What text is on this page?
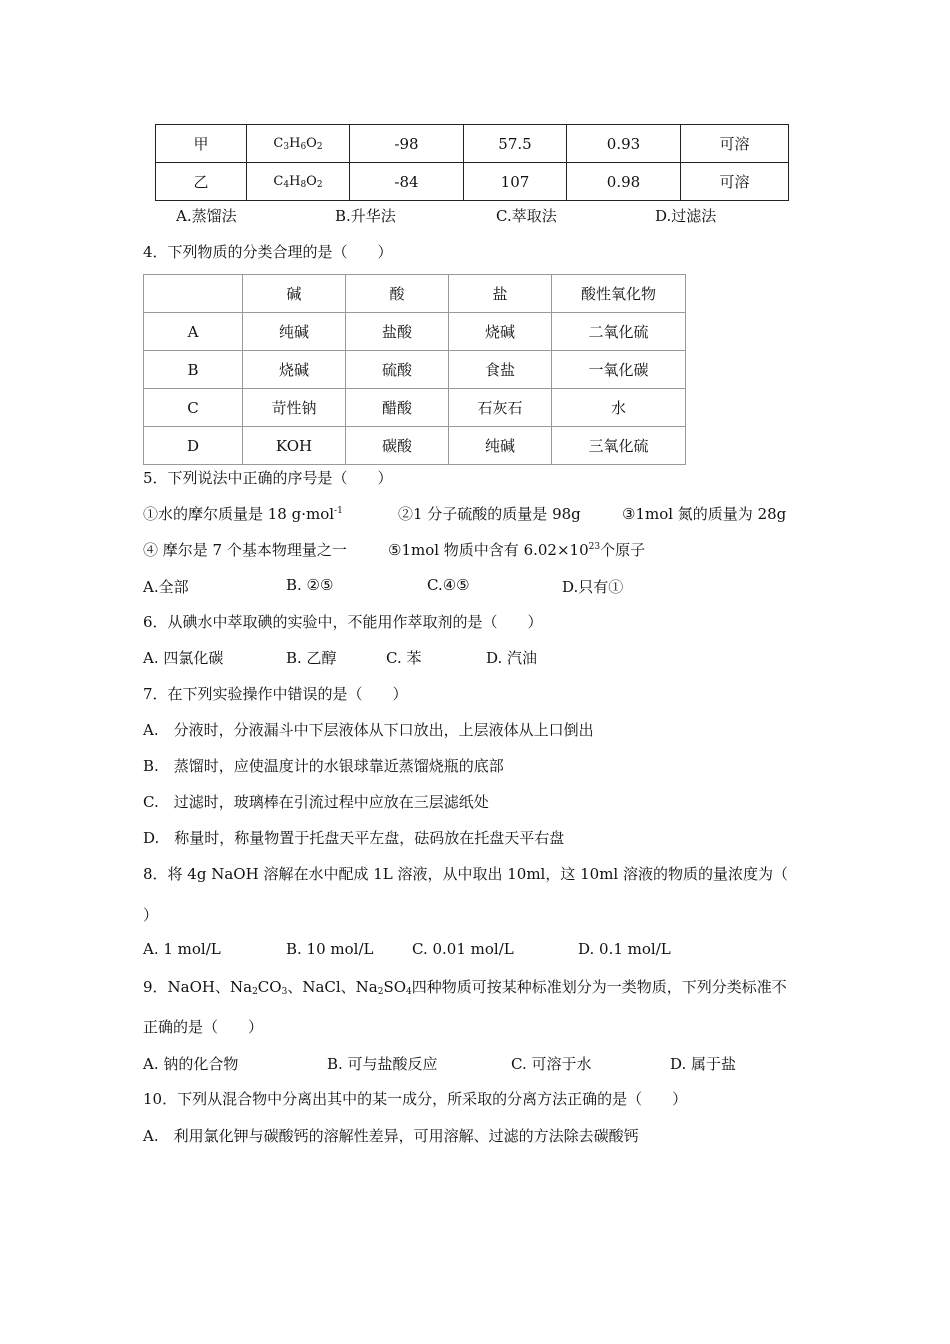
甲	$C_3H_6O_2$	-98	57.5	0.93	可溶
乙	$C_4H_8O_2$	-84	107	0.98	可溶
A.蒸馏法	B.升华法	C.萃取法	D.过滤法
4．下列物质的分类合理的是（　　）
	碱	酸	盐	酸性氧化物
A	纯碱	盐酸	烧碱	二氧化硫
B	烧碱	硫酸	食盐	一氧化碳
C	苛性钠	醋酸	石灰石	水
D	KOH	碳酸	纯碱	三氧化硫
5．下列说法中正确的序号是（　　）
①水的摩尔质量是 18 g·mol$^{-1}$	②1 分子硫酸的质量是 98g	③1mol 氮的质量为 28g
④ 摩尔是 7 个基本物理量之一	⑤1mol 物质中含有 $6.02\times 10^{23}$个原子
A.全部	B. ②⑤	C.④⑤	D.只有①
6．从碘水中萃取碘的实验中，不能用作萃取剂的是（　　）
A. 四氯化碳	B. 乙醇	C. 苯	D. 汽油
7．在下列实验操作中错误的是（　　）
A.　分液时，分液漏斗中下层液体从下口放出，上层液体从上口倒出
B.　蒸馏时，应使温度计的水银球靠近蒸馏烧瓶的底部
C.　过滤时，玻璃棒在引流过程中应放在三层滤纸处
D.　称量时，称量物置于托盘天平左盘，砝码放在托盘天平右盘
8．将 4g NaOH 溶解在水中配成 1L 溶液，从中取出 10ml，这 10ml 溶液的物质的量浓度为（
）
A. 1 mol/L	B. 10 mol/L	C. 0.01 mol/L	D. 0.1 mol/L
9．NaOH、$Na_2CO_3$、NaCl、$Na_2SO_4$四种物质可按某种标准划分为一类物质，下列分类标准不
正确的是（　　）
A. 钠的化合物	B. 可与盐酸反应	C. 可溶于水	D. 属于盐
10．下列从混合物中分离出其中的某一成分，所采取的分离方法正确的是（　　）
A.　利用氯化钾与碳酸钙的溶解性差异，可用溶解、过滤的方法除去碳酸钙
